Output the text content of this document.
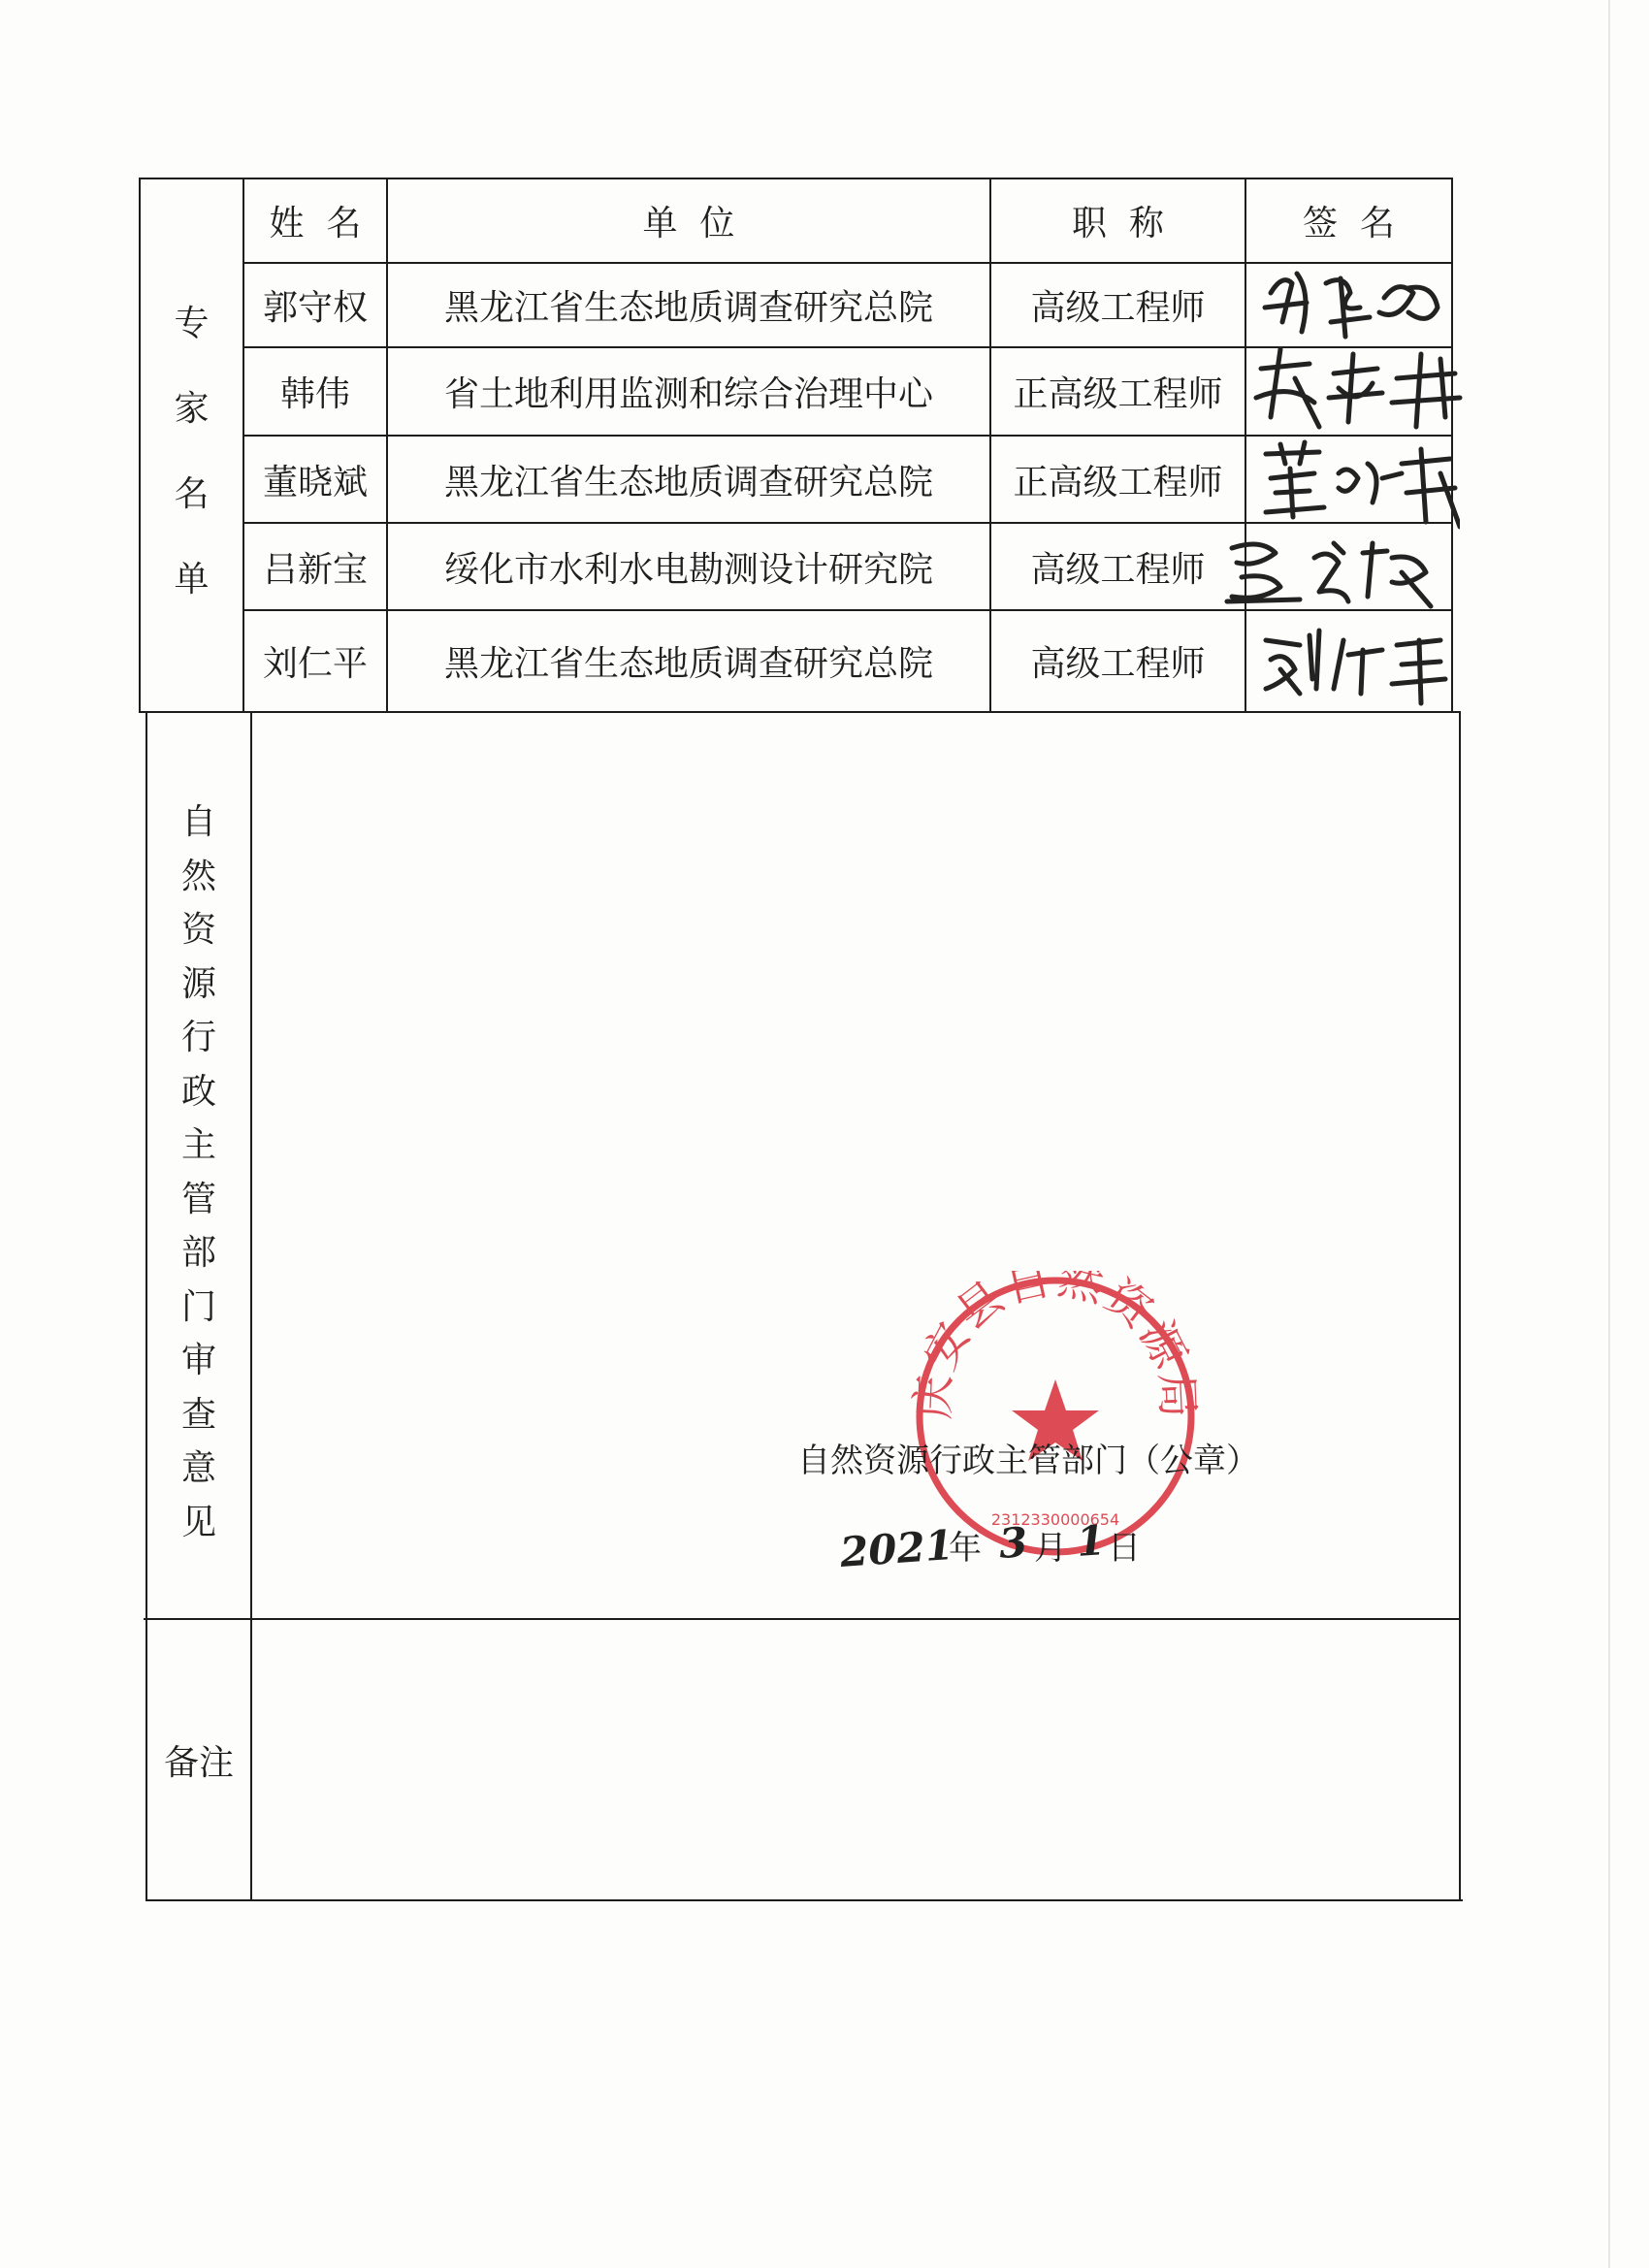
专
家
名
单
姓  名	单  位	职  称	签  名
郭守权	黑龙江省生态地质调查研究总院	高级工程师
韩伟	省土地利用监测和综合治理中心	正高级工程师
董晓斌	黑龙江省生态地质调查研究总院	正高级工程师
吕新宝	绥化市水利水电勘测设计研究院	高级工程师
刘仁平	黑龙江省生态地质调查研究总院	高级工程师
自
然
资
源
行
政
主
管
部
门
审
查
意
见
庆安县自然资源局
2312330000654
自然资源行政主管部门（公章）
2021
年 3 月 1 日
备注
